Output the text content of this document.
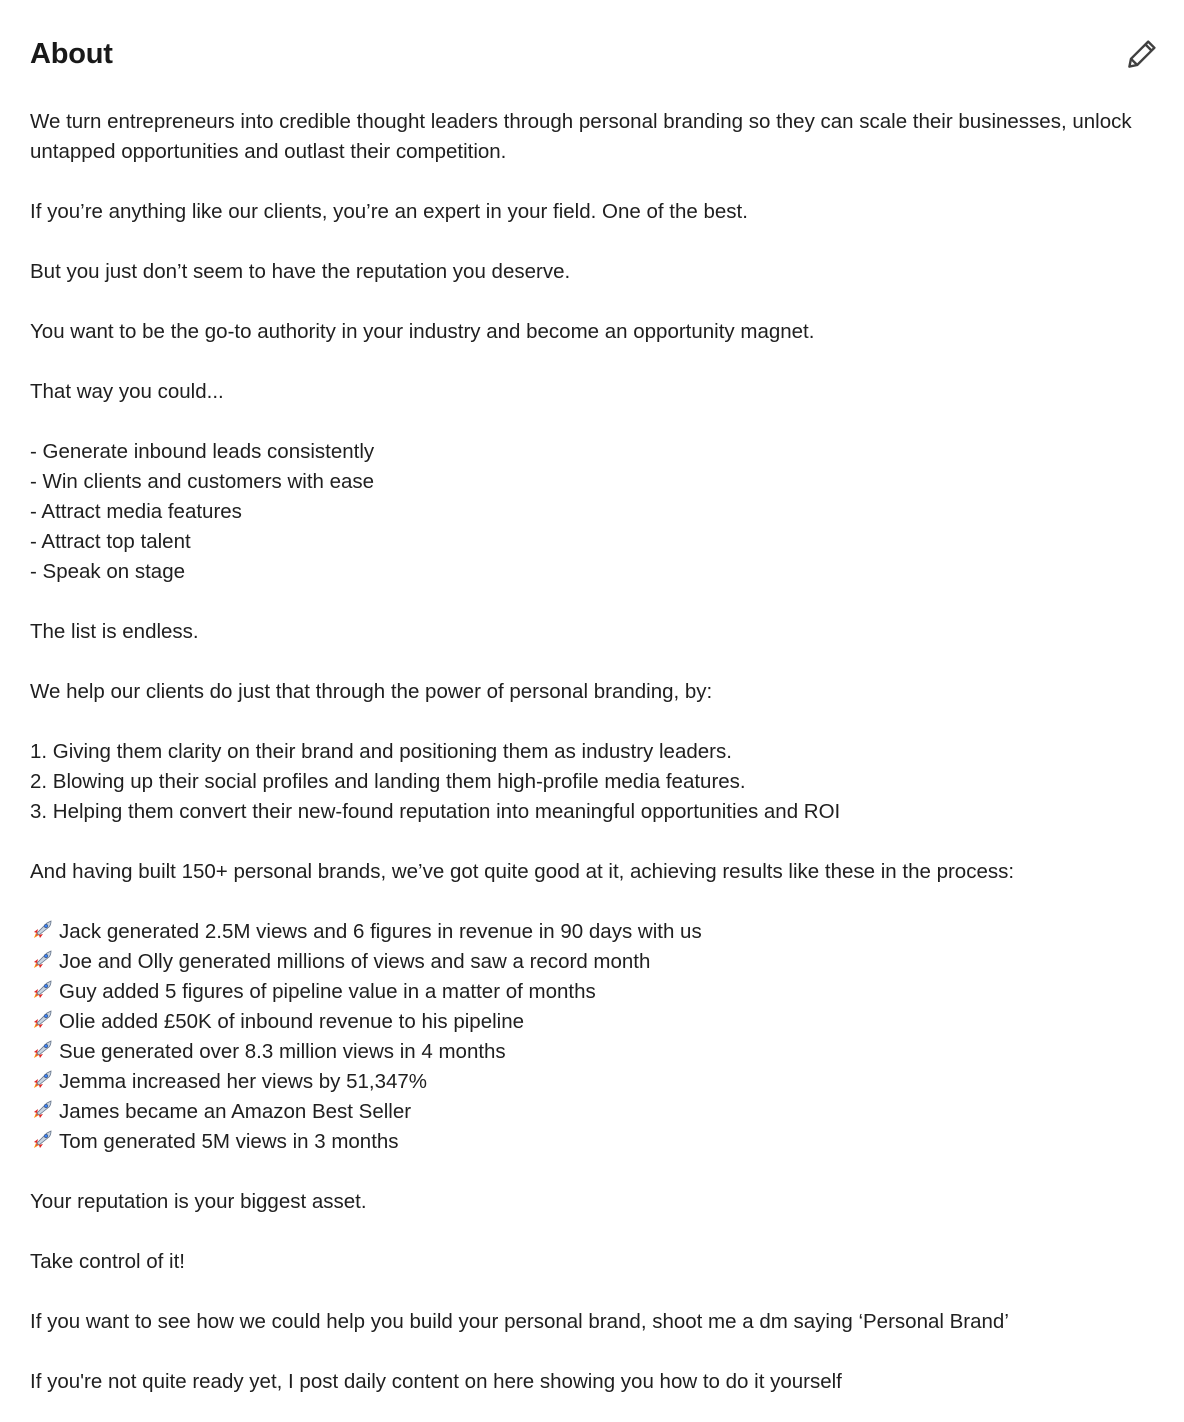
About
We turn entrepreneurs into credible thought leaders through personal branding so they can scale their businesses, unlock untapped opportunities and outlast their competition.
If you’re anything like our clients, you’re an expert in your field. One of the best.
But you just don’t seem to have the reputation you deserve.
You want to be the go-to authority in your industry and become an opportunity magnet.
That way you could...
- Generate inbound leads consistently
- Win clients and customers with ease
- Attract media features
- Attract top talent
- Speak on stage
The list is endless.
We help our clients do just that through the power of personal branding, by:
1. Giving them clarity on their brand and positioning them as industry leaders.
2. Blowing up their social profiles and landing them high-profile media features.
3. Helping them convert their new-found reputation into meaningful opportunities and ROI
And having built 150+ personal brands, we’ve got quite good at it, achieving results like these in the process:
Jack generated 2.5M views and 6 figures in revenue in 90 days with us
Joe and Olly generated millions of views and saw a record month
Guy added 5 figures of pipeline value in a matter of months
Olie added £50K of inbound revenue to his pipeline
Sue generated over 8.3 million views in 4 months
Jemma increased her views by 51,347%
James became an Amazon Best Seller
Tom generated 5M views in 3 months
Your reputation is your biggest asset.
Take control of it!
If you want to see how we could help you build your personal brand, shoot me a dm saying ‘Personal Brand’
If you're not quite ready yet, I post daily content on here showing you how to do it yourself
